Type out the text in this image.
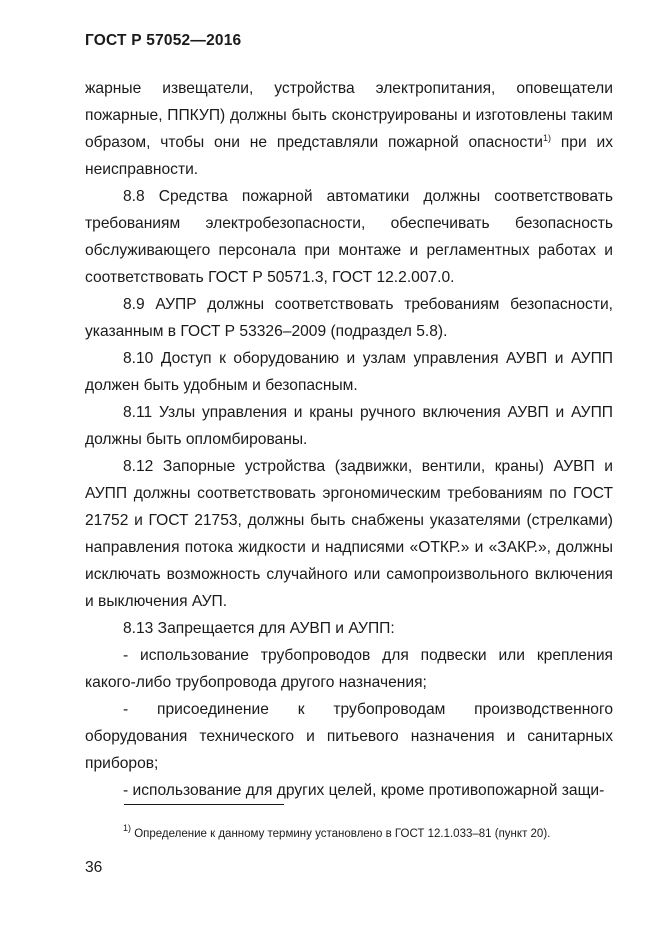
ГОСТ Р 57052—2016

жарные извещатели, устройства электропитания, оповещатели пожарные, ППКУП) должны быть сконструированы и изготовлены таким образом, чтобы они не представляли пожарной опасности$^{1)}$ при их неисправности.

8.8 Средства пожарной автоматики должны соответствовать требованиям электробезопасности, обеспечивать безопасность обслуживающего персонала при монтаже и регламентных работах и соответствовать ГОСТ Р 50571.3, ГОСТ 12.2.007.0.

8.9 АУПР должны соответствовать требованиям безопасности, указанным в ГОСТ Р 53326–2009 (подраздел 5.8).

8.10 Доступ к оборудованию и узлам управления АУВП и АУПП должен быть удобным и безопасным.

8.11 Узлы управления и краны ручного включения АУВП и АУПП должны быть опломбированы.

8.12 Запорные устройства (задвижки, вентили, краны) АУВП и АУПП должны соответствовать эргономическим требованиям по ГОСТ 21752 и ГОСТ 21753, должны быть снабжены указателями (стрелками) направления потока жидкости и надписями «ОТКР.» и «ЗАКР.», должны исключать возможность случайного или самопроизвольного включения и выключения АУП.

8.13 Запрещается для АУВП и АУПП:

- использование трубопроводов для подвески или крепления какого-либо трубопровода другого назначения;

- присоединение к трубопроводам производственного оборудования технического и питьевого назначения и санитарных приборов;

- использование для других целей, кроме противопожарной защи-

$^{1)}$ Определение к данному термину установлено в ГОСТ 12.1.033–81 (пункт 20).

36
